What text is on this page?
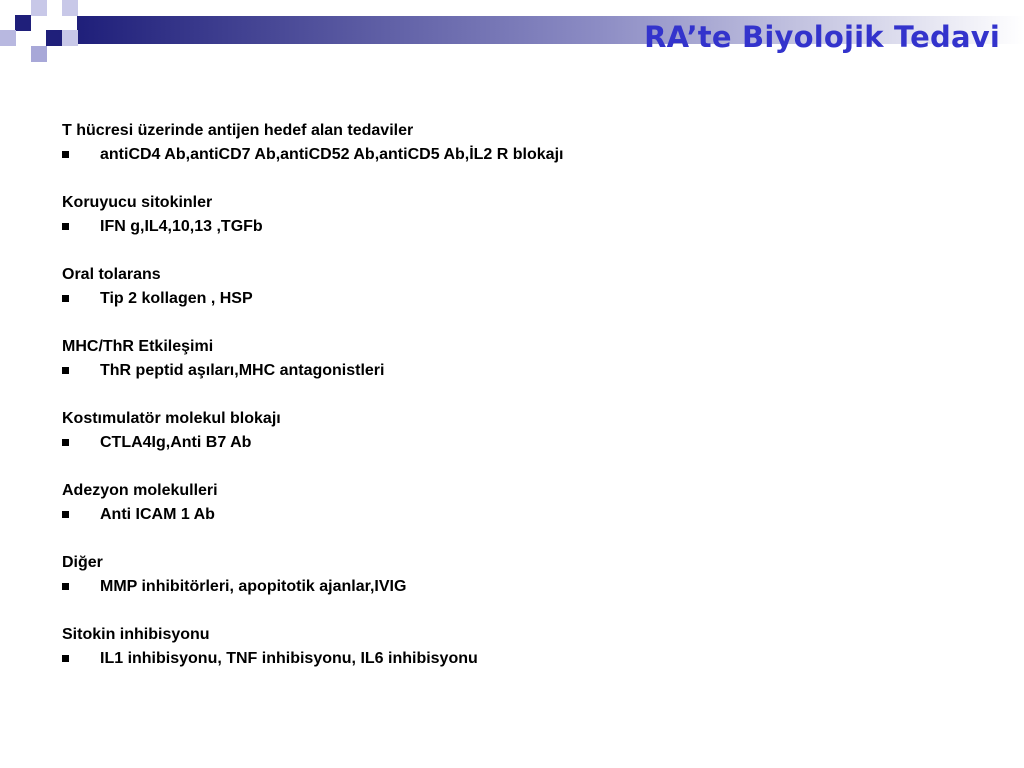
RA’te Biyolojik Tedavi
T hücresi üzerinde antijen hedef alan tedaviler
antiCD4 Ab,antiCD7 Ab,antiCD52 Ab,antiCD5 Ab,İL2 R blokajı
Koruyucu sitokinler
IFN g,IL4,10,13 ,TGFb
Oral tolarans
Tip 2 kollagen , HSP
MHC/ThR Etkileşimi
ThR peptid aşıları,MHC antagonistleri
Kostımulatör molekul blokajı
CTLA4Ig,Anti B7 Ab
Adezyon molekulleri
Anti ICAM 1 Ab
Diğer
MMP inhibitörleri, apopitotik ajanlar,IVIG
Sitokin inhibisyonu
IL1 inhibisyonu, TNF inhibisyonu, IL6 inhibisyonu
